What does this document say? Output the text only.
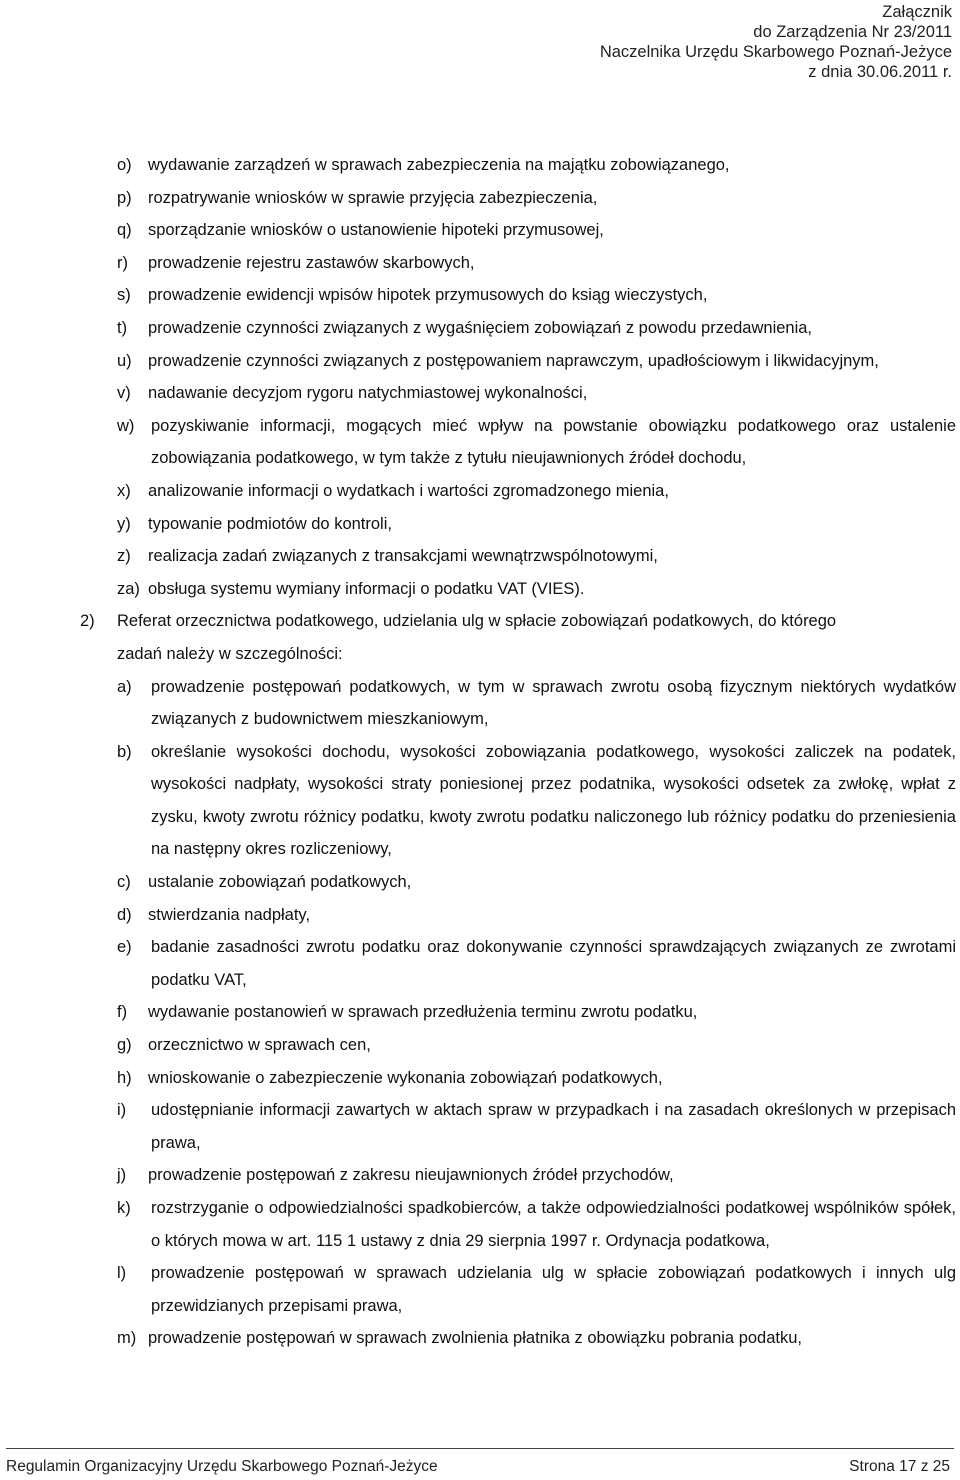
Załącznik
do Zarządzenia Nr 23/2011
Naczelnika Urzędu Skarbowego Poznań-Jeżyce
z dnia 30.06.2011 r.
o) wydawanie zarządzeń w sprawach zabezpieczenia na majątku zobowiązanego,
p) rozpatrywanie wniosków w sprawie przyjęcia zabezpieczenia,
q) sporządzanie wniosków o ustanowienie hipoteki przymusowej,
r) prowadzenie rejestru zastawów skarbowych,
s) prowadzenie ewidencji wpisów hipotek przymusowych do ksiąg wieczystych,
t) prowadzenie czynności związanych z wygaśnięciem zobowiązań z powodu przedawnienia,
u) prowadzenie czynności związanych z postępowaniem naprawczym, upadłościowym i likwidacyjnym,
v) nadawanie decyzjom rygoru natychmiastowej wykonalności,
w) pozyskiwanie informacji, mogących mieć wpływ na powstanie obowiązku podatkowego oraz ustalenie zobowiązania podatkowego, w tym także z tytułu nieujawnionych źródeł dochodu,
x) analizowanie informacji o wydatkach i wartości zgromadzonego mienia,
y) typowanie podmiotów do kontroli,
z) realizacja zadań związanych z transakcjami wewnątrzwspólnotowymi,
za) obsługa systemu wymiany informacji o podatku VAT (VIES).
2) Referat orzecznictwa podatkowego, udzielania ulg w spłacie zobowiązań podatkowych, do którego
zadań należy w szczególności:
a) prowadzenie postępowań podatkowych, w tym w sprawach zwrotu osobą fizycznym niektórych wydatków związanych z budownictwem mieszkaniowym,
b) określanie wysokości dochodu, wysokości zobowiązania podatkowego, wysokości zaliczek na podatek, wysokości nadpłaty, wysokości straty poniesionej przez podatnika, wysokości odsetek za zwłokę, wpłat z zysku, kwoty zwrotu różnicy podatku, kwoty zwrotu podatku naliczonego lub różnicy podatku do przeniesienia na następny okres rozliczeniowy,
c) ustalanie zobowiązań podatkowych,
d) stwierdzania nadpłaty,
e) badanie zasadności zwrotu podatku oraz dokonywanie czynności sprawdzających związanych ze zwrotami podatku VAT,
f) wydawanie postanowień w sprawach przedłużenia terminu zwrotu podatku,
g) orzecznictwo w sprawach cen,
h) wnioskowanie o zabezpieczenie wykonania zobowiązań podatkowych,
i) udostępnianie informacji zawartych w aktach spraw w przypadkach i na zasadach określonych w przepisach prawa,
j) prowadzenie postępowań z zakresu nieujawnionych źródeł przychodów,
k) rozstrzyganie o odpowiedzialności spadkobierców, a także odpowiedzialności podatkowej wspólników spółek, o których mowa w art. 115 1 ustawy z dnia 29 sierpnia 1997 r. Ordynacja podatkowa,
l) prowadzenie postępowań w sprawach udzielania ulg w spłacie zobowiązań podatkowych i innych ulg przewidzianych przepisami prawa,
m) prowadzenie postępowań w sprawach zwolnienia płatnika z obowiązku pobrania podatku,
Regulamin Organizacyjny Urzędu Skarbowego Poznań-Jeżyce	Strona 17 z 25
